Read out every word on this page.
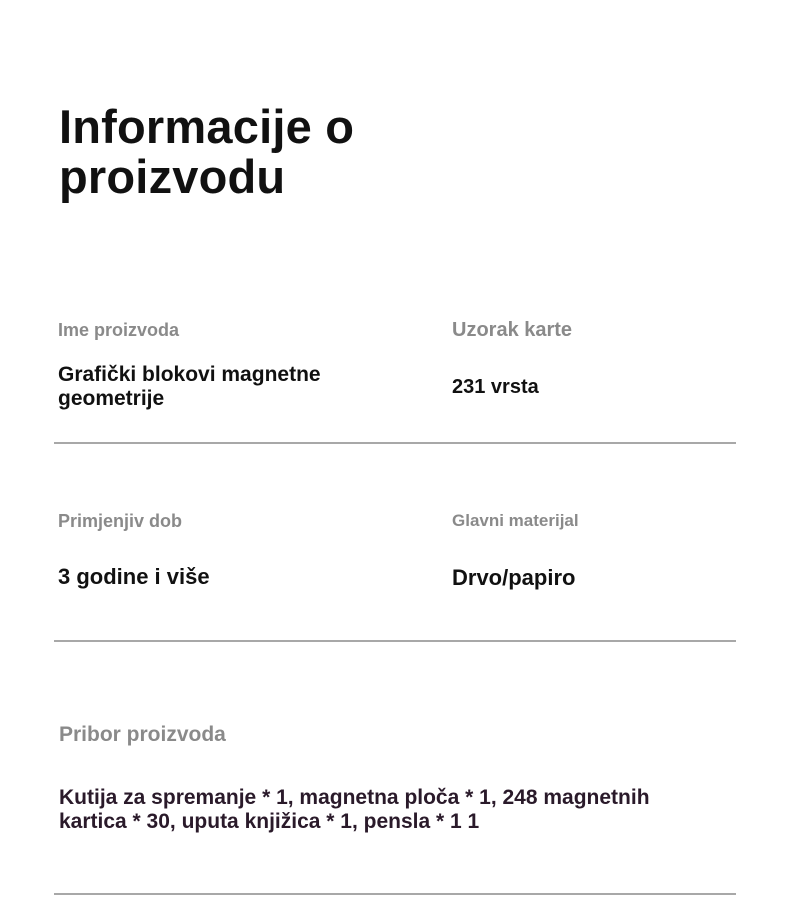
Informacije o proizvodu
Ime proizvoda
Grafički blokovi magnetne geometrije
Uzorak karte
231 vrsta
Primjenjiv dob
3 godine i više
Glavni materijal
Drvo/papiro
Pribor proizvoda
Kutija za spremanje * 1, magnetna ploča * 1, 248 magnetnih kartica * 30, uputa knjižica * 1, pensla * 1 1
